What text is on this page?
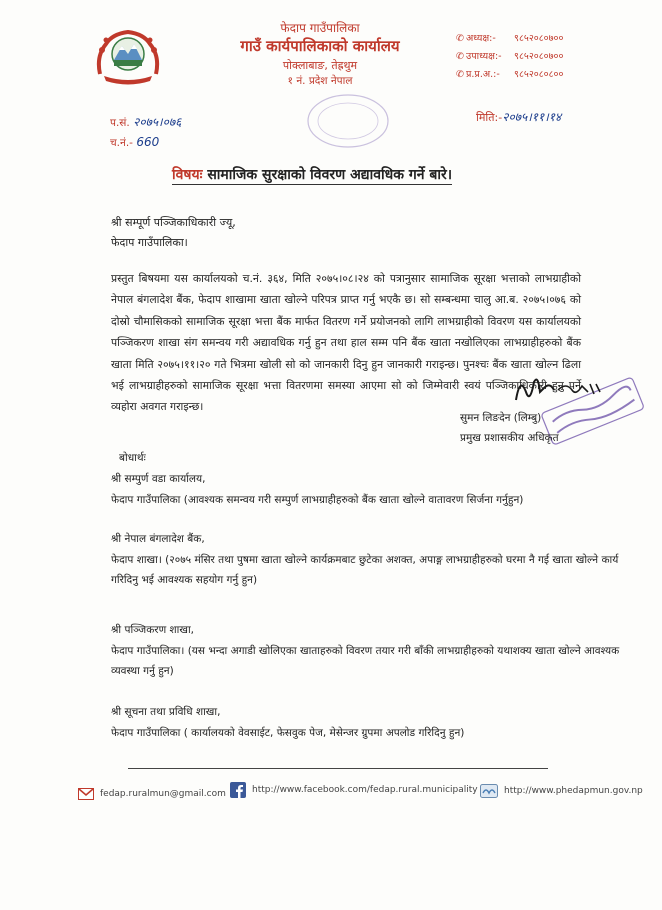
फेदाप गाउँपालिका
गाउँ कार्यपालिकाको कार्यालय
पोक्लाबाङ, तेह्रथुम
१ नं. प्रदेश नेपाल
✆ अध्यक्ष:-	९८५२०८०७००
✆ उपाध्यक्ष:-	९८५२०८०७००
✆ प्र.प्र.अ.:-	९८५२०८०८००
प.सं. २०७५।०७६
च.नं.- 660
मिति:-२०७५।११।१४
विषयः सामाजिक सुरक्षाको विवरण अद्यावधिक गर्ने बारे।
श्री सम्पूर्ण पञ्जिकाधिकारी ज्यू,
फेदाप गाउँपालिका।
प्रस्तुत बिषयमा यस कार्यालयको च.नं. ३६४, मिति २०७५।०८।२४ को पत्रानुसार सामाजिक सूरक्षा भत्ताको लाभग्राहीको नेपाल बंगलादेश बैंक, फेदाप शाखामा खाता खोल्ने परिपत्र प्राप्त गर्नु भएकै छ। सो सम्बन्धमा चालु आ.ब. २०७५।०७६ को दोस्रो चौमासिकको सामाजिक सूरक्षा भत्ता बैंक मार्फत वितरण गर्ने प्रयोजनको लागि लाभग्राहीको विवरण यस कार्यालयको पञ्जिकरण शाखा संग समन्वय गरी अद्यावधिक गर्नु हुन तथा हाल सम्म पनि बैंक खाता नखोलिएका लाभग्राहीहरुको बैंक खाता मिति २०७५।११।२० गते भित्रमा खोली सो को जानकारी दिनु हुन जानकारी गराइन्छ। पुनश्चः बैंक खाता खोल्न ढिला भई लाभग्राहीहरुको सामाजिक सूरक्षा भत्ता वितरणमा समस्या आएमा सो को जिम्मेवारी स्वयं पञ्जिकाधिकारी हुनु पर्ने व्यहोरा अवगत गराइन्छ।
सुमन लिङदेन (लिम्बु)
प्रमुख प्रशासकीय अधिकृत
बोधार्थः
श्री सम्पुर्ण वडा कार्यालय,
फेदाप गाउँपालिका (आवश्यक समन्वय गरी सम्पुर्ण लाभग्राहीहरुको बैंक खाता खोल्ने वातावरण सिर्जना गर्नुहुन)
श्री नेपाल बंगलादेश बैंक,
फेदाप शाखा। (२०७५ मंसिर तथा पुषमा खाता खोल्ने कार्यक्रमबाट छुटेका अशक्त, अपाङ्ग लाभग्राहीहरुको घरमा नै गई खाता खोल्ने कार्य गरिदिनु भई आवश्यक सहयोग गर्नु हुन)
श्री पञ्जिकरण शाखा,
फेदाप गाउँपालिका। (यस भन्दा अगाडी खोलिएका खाताहरुको विवरण तयार गरी बाँकी लाभग्राहीहरुको यथाशक्य खाता खोल्ने आवश्यक व्यवस्था गर्नु हुन)
श्री सूचना तथा प्रविधि शाखा,
फेदाप गाउँपालिका ( कार्यालयको वेवसाईट, फेसवुक पेज, मेसेन्जर ग्रुपमा अपलोड गरिदिनु हुन)
fedap.ruralmun@gmail.com	http://www.facebook.com/fedap.rural.municipality	http://www.phedapmun.gov.np
